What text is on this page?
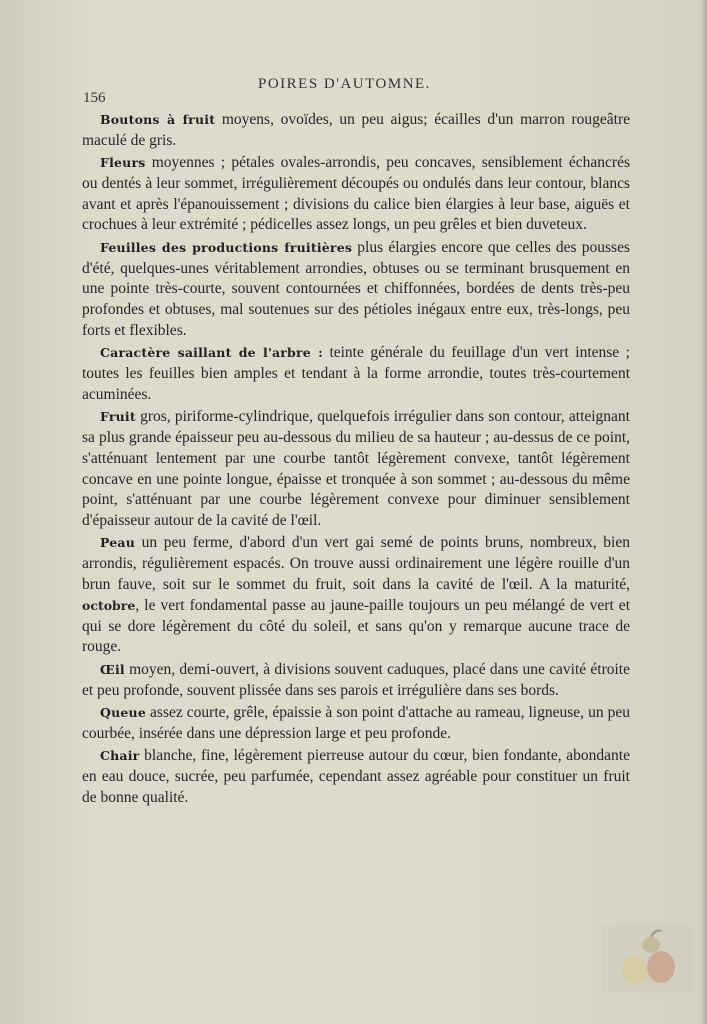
POIRES D'AUTOMNE.
156

Boutons à fruit moyens, ovoïdes, un peu aigus; écailles d'un marron rougeâtre maculé de gris.

Fleurs moyennes ; pétales ovales-arrondis, peu concaves, sensiblement échancrés ou dentés à leur sommet, irrégulièrement découpés ou ondulés dans leur contour, blancs avant et après l'épanouissement ; divisions du calice bien élargies à leur base, aiguës et crochues à leur extrémité ; pédicelles assez longs, un peu grêles et bien duveteux.

Feuilles des productions fruitières plus élargies encore que celles des pousses d'été, quelques-unes véritablement arrondies, obtuses ou se terminant brusquement en une pointe très-courte, souvent contournées et chiffonnées, bordées de dents très-peu profondes et obtuses, mal soutenues sur des pétioles inégaux entre eux, très-longs, peu forts et flexibles.

Caractère saillant de l'arbre : teinte générale du feuillage d'un vert intense ; toutes les feuilles bien amples et tendant à la forme arrondie, toutes très-courtement acuminées.

Fruit gros, piriforme-cylindrique, quelquefois irrégulier dans son contour, atteignant sa plus grande épaisseur peu au-dessous du milieu de sa hauteur ; au-dessus de ce point, s'atténuant lentement par une courbe tantôt légèrement convexe, tantôt légèrement concave en une pointe longue, épaisse et tronquée à son sommet ; au-dessous du même point, s'atténuant par une courbe légèrement convexe pour diminuer sensiblement d'épaisseur autour de la cavité de l'œil.

Peau un peu ferme, d'abord d'un vert gai semé de points bruns, nombreux, bien arrondis, régulièrement espacés. On trouve aussi ordinairement une légère rouille d'un brun fauve, soit sur le sommet du fruit, soit dans la cavité de l'œil. A la maturité, octobre, le vert fondamental passe au jaune-paille toujours un peu mélangé de vert et qui se dore légèrement du côté du soleil, et sans qu'on y remarque aucune trace de rouge.

Œil moyen, demi-ouvert, à divisions souvent caduques, placé dans une cavité étroite et peu profonde, souvent plissée dans ses parois et irrégulière dans ses bords.

Queue assez courte, grêle, épaissie à son point d'attache au rameau, ligneuse, un peu courbée, insérée dans une dépression large et peu profonde.

Chair blanche, fine, légèrement pierreuse autour du cœur, bien fondante, abondante en eau douce, sucrée, peu parfumée, cependant assez agréable pour constituer un fruit de bonne qualité.
